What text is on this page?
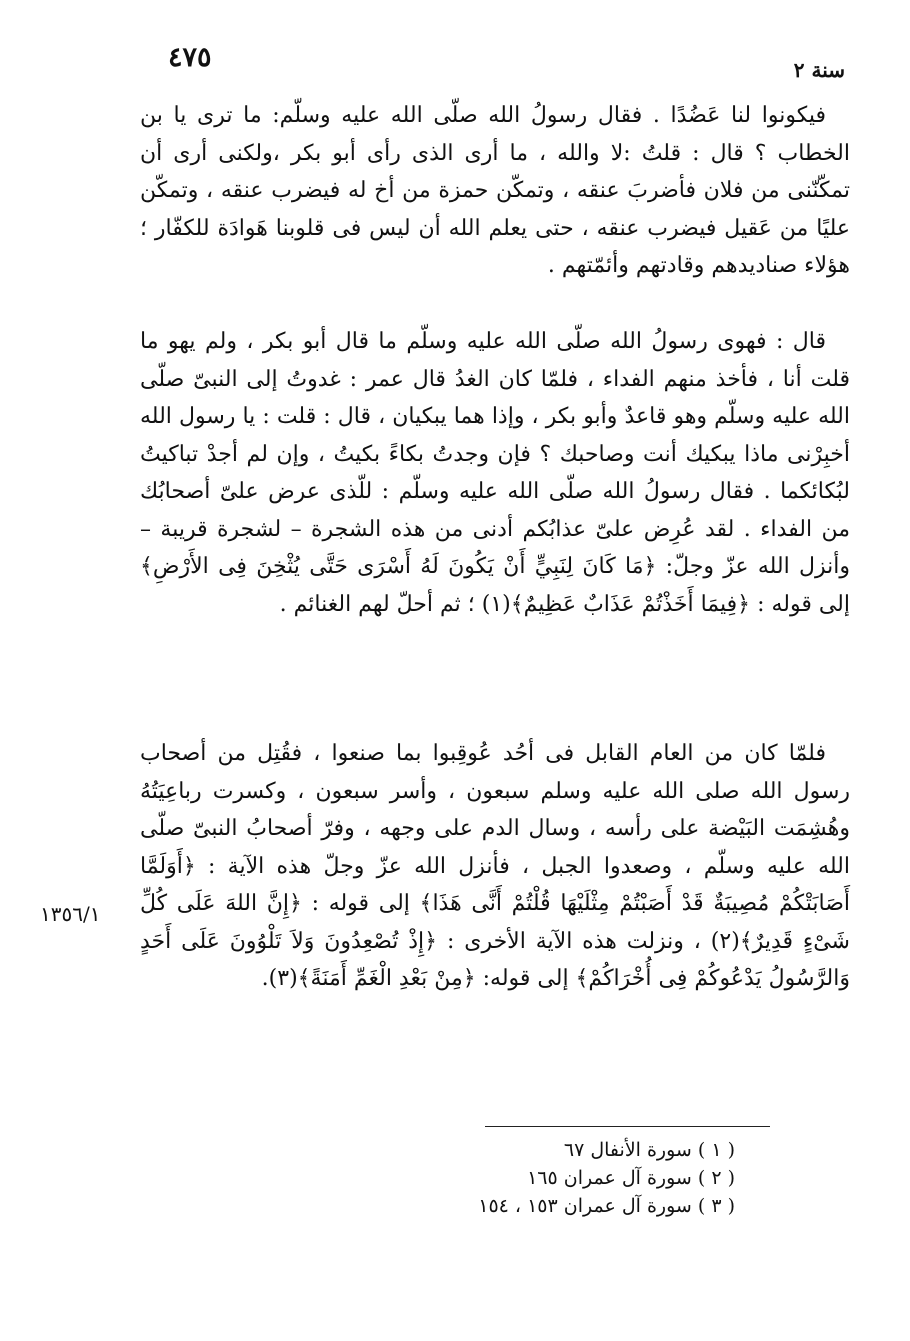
٤٧٥	سنة ٢
١٣٥٦/١

فيكونوا لنا عَضُدًا . فقال رسولُ الله صلّى الله عليه وسلّم: ما ترى يا بن الخطاب ؟ قال : قلتُ :لا والله ، ما أرى الذى رأى أبو بكر ،ولكنى أرى أن تمكّنّنى من فلان فأضربَ عنقه ، وتمكّن حمزة من أخ له فيضرب عنقه ، وتمكّن عليًا من عَقيل فيضرب عنقه ، حتى يعلم الله أن ليس فى قلوبنا هَوادَة للكفّار ؛ هؤلاء صناديدهم وقادتهم وأئمّتهم .

قال : فهوى رسولُ الله صلّى الله عليه وسلّم ما قال أبو بكر ، ولم يهو ما قلت أنا ، فأخذ منهم الفداء ، فلمّا كان الغدُ قال عمر : غدوتُ إلى النبىّ صلّى الله عليه وسلّم وهو قاعدٌ وأبو بكر ، وإذا هما يبكيان ، قال : قلت : يا رسول الله أخبِرْنى ماذا يبكيك أنت وصاحبك ؟ فإن وجدتُ بكاءً بكيتُ ، وإن لم أجدْ تباكيتُ لبُكائكما . فقال رسولُ الله صلّى الله عليه وسلّم : للّذى عرض علىّ أصحابُك من الفداء . لقد عُرِض علىّ عذابُكم أدنى من هذه الشجرة – لشجرة قريبة – وأنزل الله عزّ وجلّ: ﴿مَا كَانَ لِنَبِيٍّ أَنْ يَكُونَ لَهُ أَسْرَى حَتَّى يُثْخِنَ فِى الأَرْضِ﴾ إلى قوله : ﴿فِيمَا أَخَذْتُمْ عَذَابٌ عَظِيمٌ﴾(١) ؛ ثم أحلّ لهم الغنائم .

فلمّا كان من العام القابل فى أحُد عُوقِبوا بما صنعوا ، فقُتِل من أصحاب رسول الله صلى الله عليه وسلم سبعون ، وأسر سبعون ، وكسرت رباعِيَتُهُ وهُشِمَت البَيْضة على رأسه ، وسال الدم على وجهه ، وفرّ أصحابُ النبىّ صلّى الله عليه وسلّم ، وصعدوا الجبل ، فأنزل الله عزّ وجلّ هذه الآية : ﴿أَوَلَمَّا أَصَابَتْكُمْ مُصِيبَةٌ قَدْ أَصَبْتُمْ مِثْلَيْهَا قُلْتُمْ أَنَّى هَذَا﴾ إلى قوله : ﴿إِنَّ اللهَ عَلَى كُلِّ شَىْءٍ قَدِيرٌ﴾(٢) ، ونزلت هذه الآية الأخرى : ﴿إِذْ تُصْعِدُونَ وَلاَ تَلْوُونَ عَلَى أَحَدٍ وَالرَّسُولُ يَدْعُوكُمْ فِى أُخْرَاكُمْ﴾ إلى قوله: ﴿مِنْ بَعْدِ الْغَمِّ أَمَنَةً﴾(٣).

( ١ ) سورة الأنفال ٦٧
( ٢ ) سورة آل عمران ١٦٥
( ٣ ) سورة آل عمران ١٥٣ ، ١٥٤
